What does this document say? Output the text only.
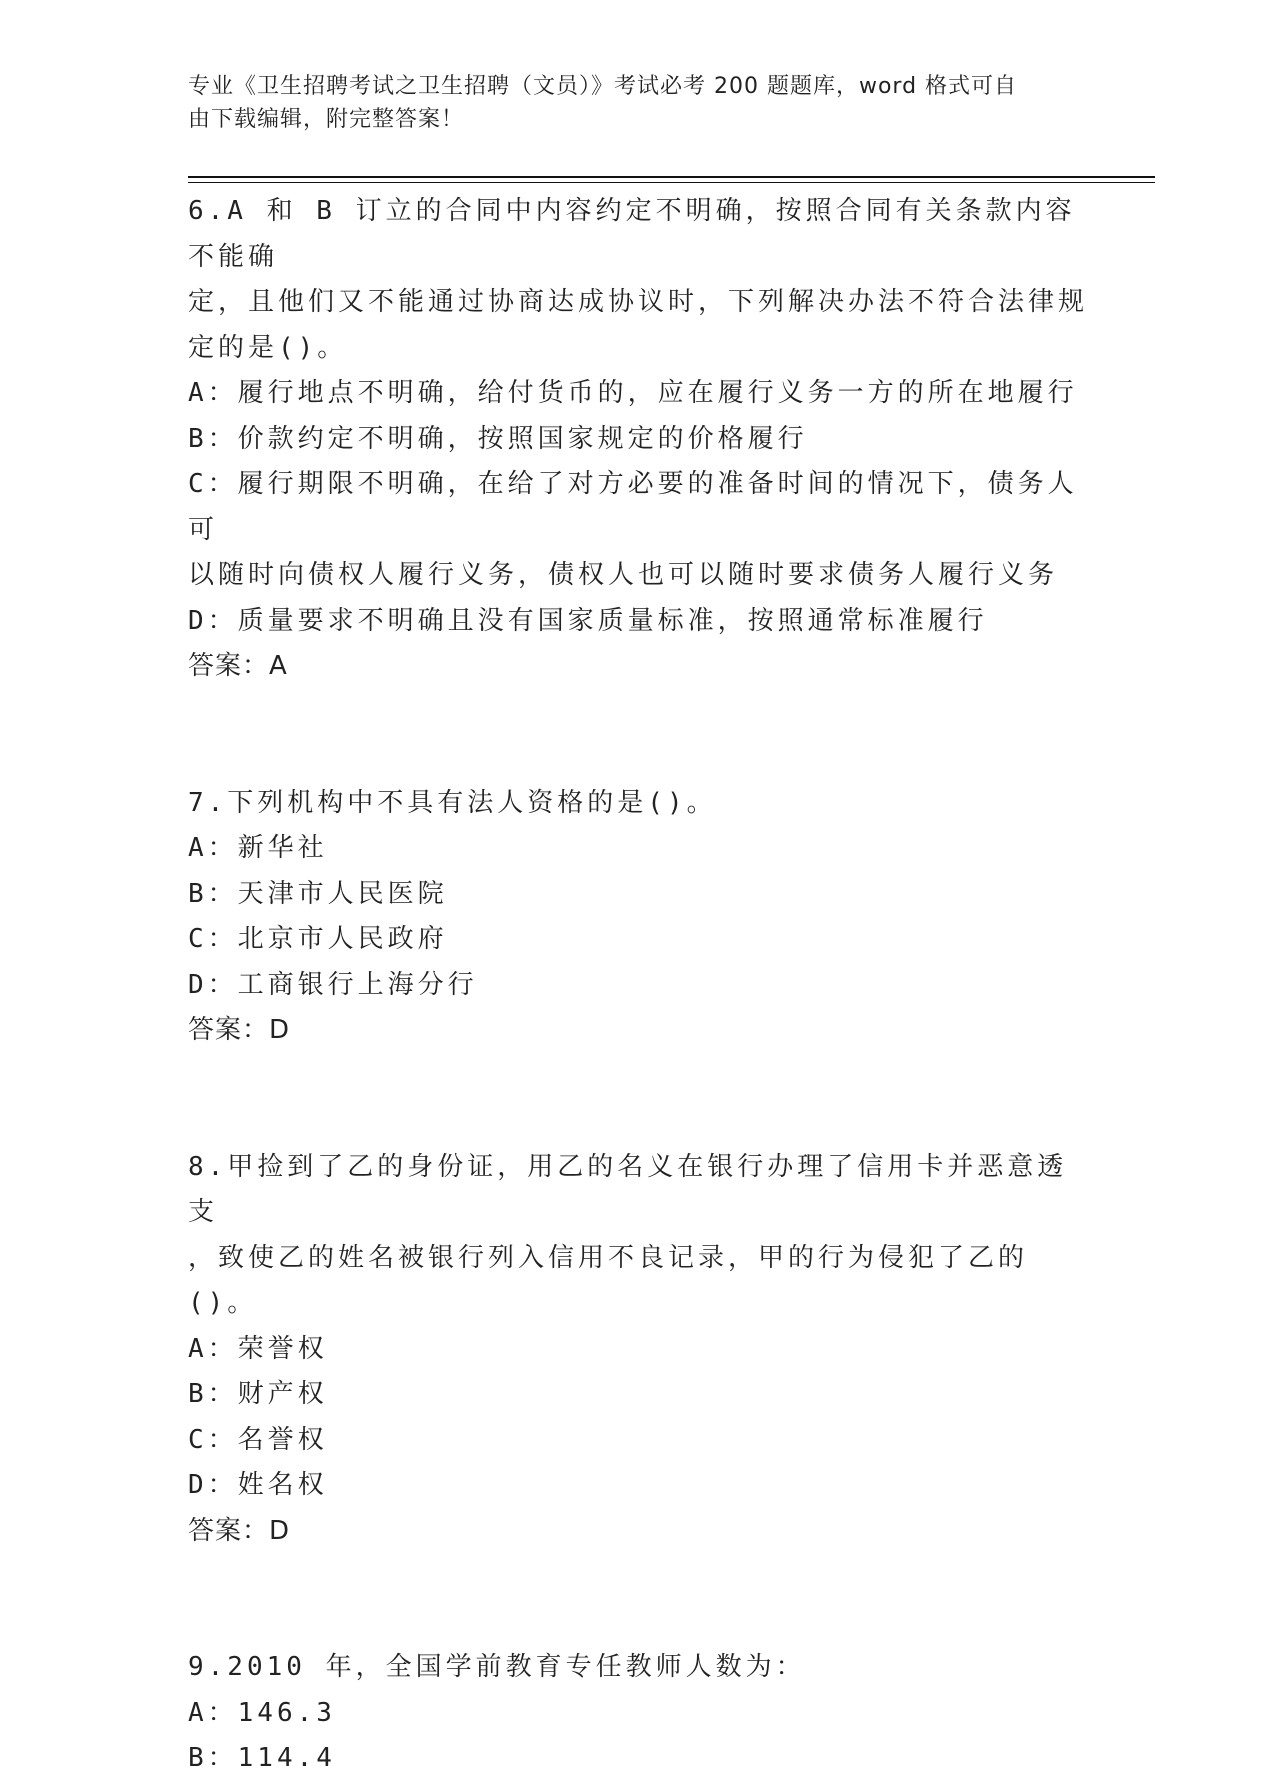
专业《卫生招聘考试之卫生招聘（文员）》考试必考 200 题题库，word 格式可自
由下载编辑，附完整答案！

6.A 和 B 订立的合同中内容约定不明确，按照合同有关条款内容不能确

定，且他们又不能通过协商达成协议时，下列解决办法不符合法律规

定的是()。

A：履行地点不明确，给付货币的，应在履行义务一方的所在地履行

B：价款约定不明确，按照国家规定的价格履行

C：履行期限不明确，在给了对方必要的准备时间的情况下，债务人可

以随时向债权人履行义务，债权人也可以随时要求债务人履行义务

D：质量要求不明确且没有国家质量标准，按照通常标准履行

答案：A

7.下列机构中不具有法人资格的是()。

A：新华社

B：天津市人民医院

C：北京市人民政府

D：工商银行上海分行

答案：D

8.甲捡到了乙的身份证，用乙的名义在银行办理了信用卡并恶意透支

，致使乙的姓名被银行列入信用不良记录，甲的行为侵犯了乙的()。

A：荣誉权

B：财产权

C：名誉权

D：姓名权

答案：D

9.2010 年，全国学前教育专任教师人数为：

A：146.3

B：114.4
